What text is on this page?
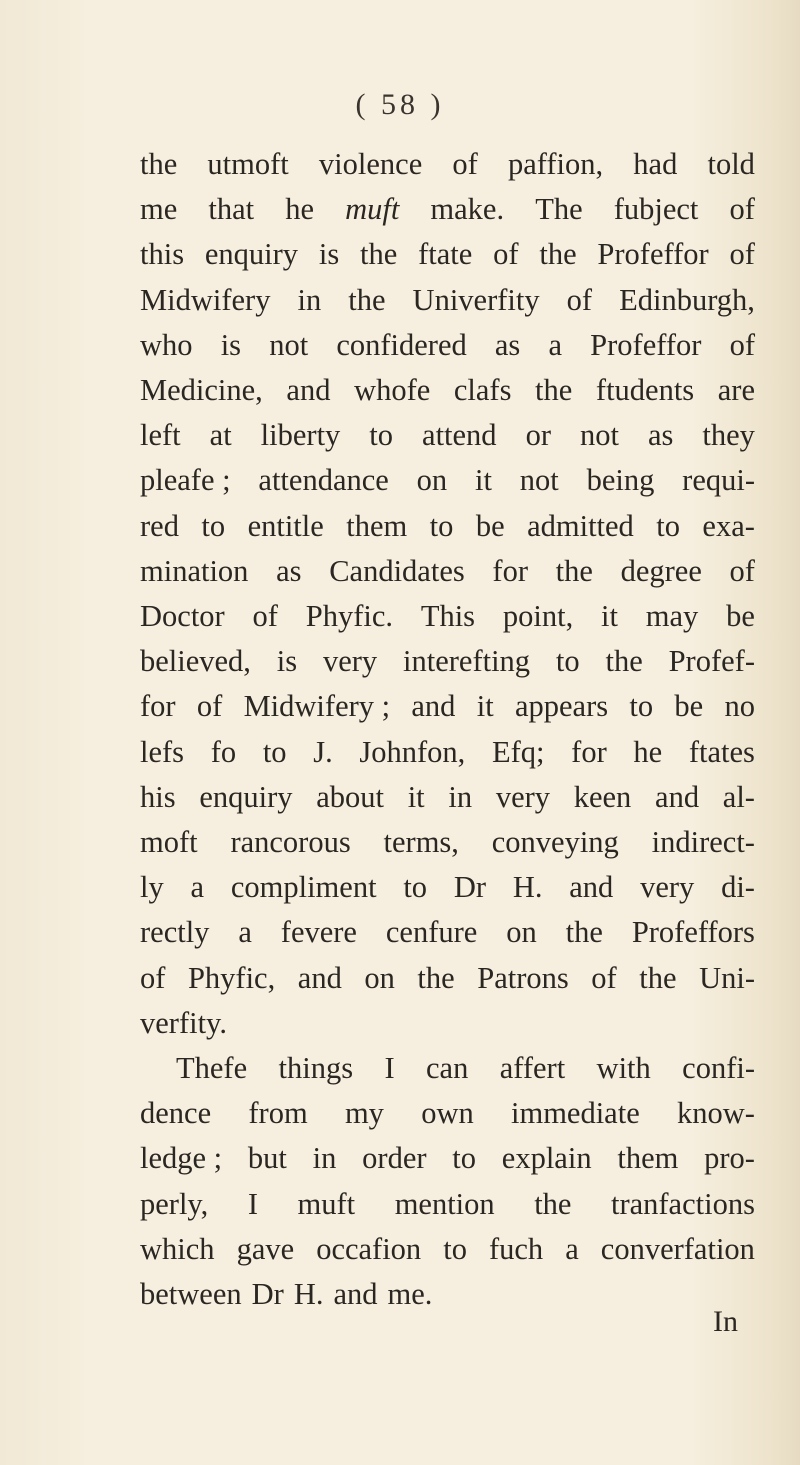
( 58 )
the utmoft violence of paffion, had told
me that he muft make. The fubject of
this enquiry is the ftate of the Profeffor of
Midwifery in the Univerfity of Edinburgh,
who is not confidered as a Profeffor of
Medicine, and whofe clafs the ftudents are
left at liberty to attend or not as they
pleafe ; attendance on it not being requi-
red to entitle them to be admitted to exa-
mination as Candidates for the degree of
Doctor of Phyfic. This point, it may be
believed, is very interefting to the Profef-
for of Midwifery ; and it appears to be no
lefs fo to J. Johnfon, Efq; for he ftates
his enquiry about it in very keen and al-
moft rancorous terms, conveying indirect-
ly a compliment to Dr H. and very di-
rectly a fevere cenfure on the Profeffors
of Phyfic, and on the Patrons of the Uni-
verfity.
Thefe things I can affert with confi-
dence from my own immediate know-
ledge ; but in order to explain them pro-
perly, I muft mention the tranfactions
which gave occafion to fuch a converfation
between Dr H. and me.
In
